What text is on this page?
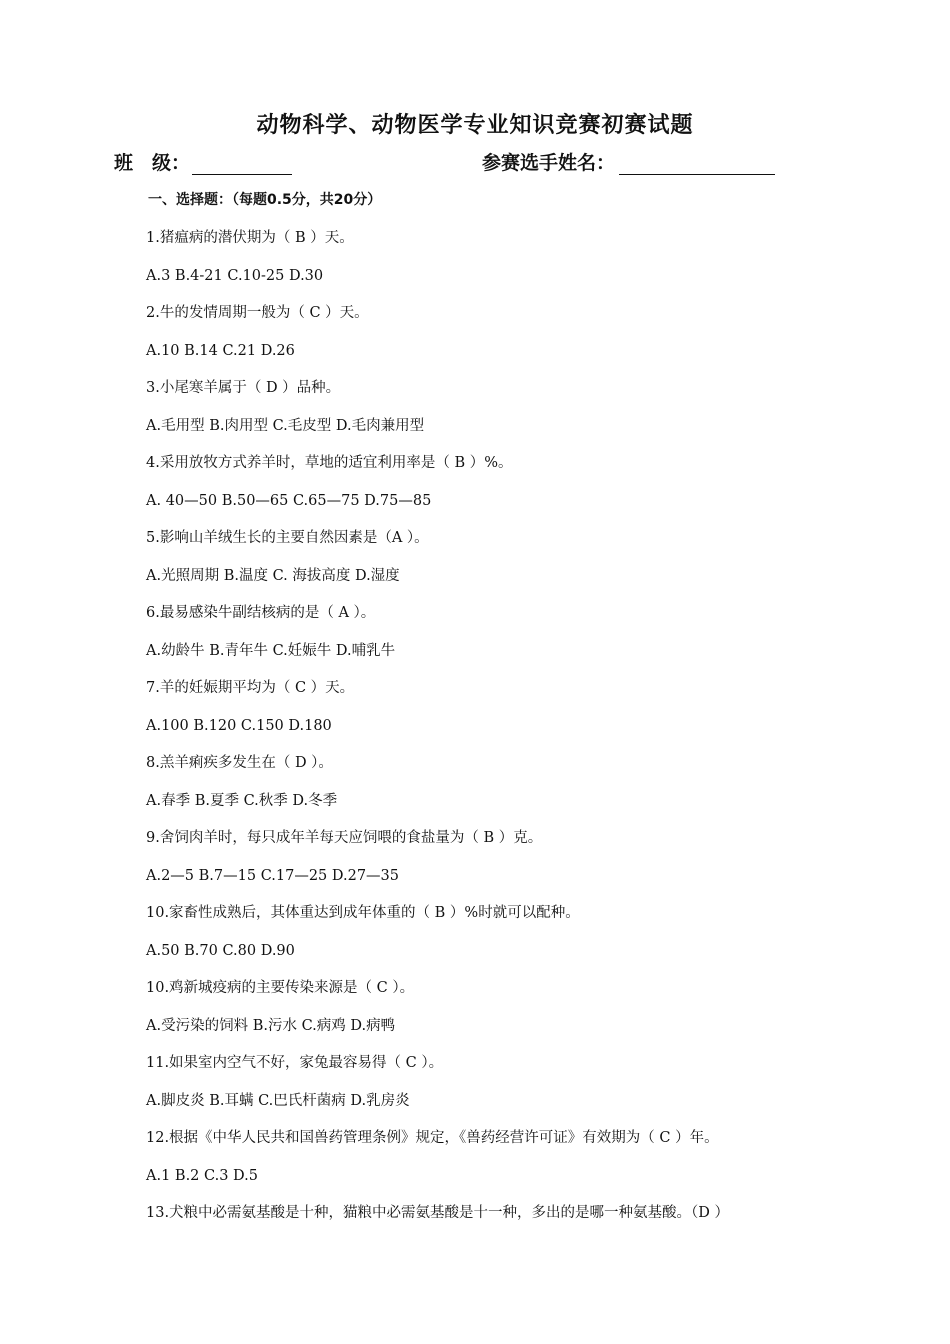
动物科学、动物医学专业知识竞赛初赛试题
班　级：	参赛选手姓名：
一、选择题：（每题0.5分，共20分）
1.猪瘟病的潜伏期为（ B ）天。
A.3 B.4-21 C.10-25 D.30
2.牛的发情周期一般为（ C ）天。
A.10 B.14 C.21 D.26
3.小尾寒羊属于（ D ）品种。
A.毛用型 B.肉用型 C.毛皮型 D.毛肉兼用型
4.采用放牧方式养羊时，草地的适宜利用率是（ B ）%。
A. 40—50 B.50—65 C.65—75 D.75—85
5.影响山羊绒生长的主要自然因素是（A ）。
A.光照周期 B.温度 C. 海拔高度 D.湿度
6.最易感染牛副结核病的是（ A ）。
A.幼龄牛 B.青年牛 C.妊娠牛 D.哺乳牛
7.羊的妊娠期平均为（ C ）天。
A.100 B.120 C.150 D.180
8.羔羊痢疾多发生在（ D ）。
A.春季 B.夏季 C.秋季 D.冬季
9.舍饲肉羊时，每只成年羊每天应饲喂的食盐量为（ B ）克。
A.2—5 B.7—15 C.17—25 D.27—35
10.家畜性成熟后，其体重达到成年体重的（ B ）%时就可以配种。
A.50 B.70 C.80 D.90
10.鸡新城疫病的主要传染来源是（ C ）。
A.受污染的饲料 B.污水 C.病鸡 D.病鸭
11.如果室内空气不好，家兔最容易得（ C ）。
A.脚皮炎 B.耳螨 C.巴氏杆菌病 D.乳房炎
12.根据《中华人民共和国兽药管理条例》规定，《兽药经营许可证》有效期为（ C ）年。
A.1 B.2 C.3 D.5
13.犬粮中必需氨基酸是十种，猫粮中必需氨基酸是十一种，多出的是哪一种氨基酸。（D ）
